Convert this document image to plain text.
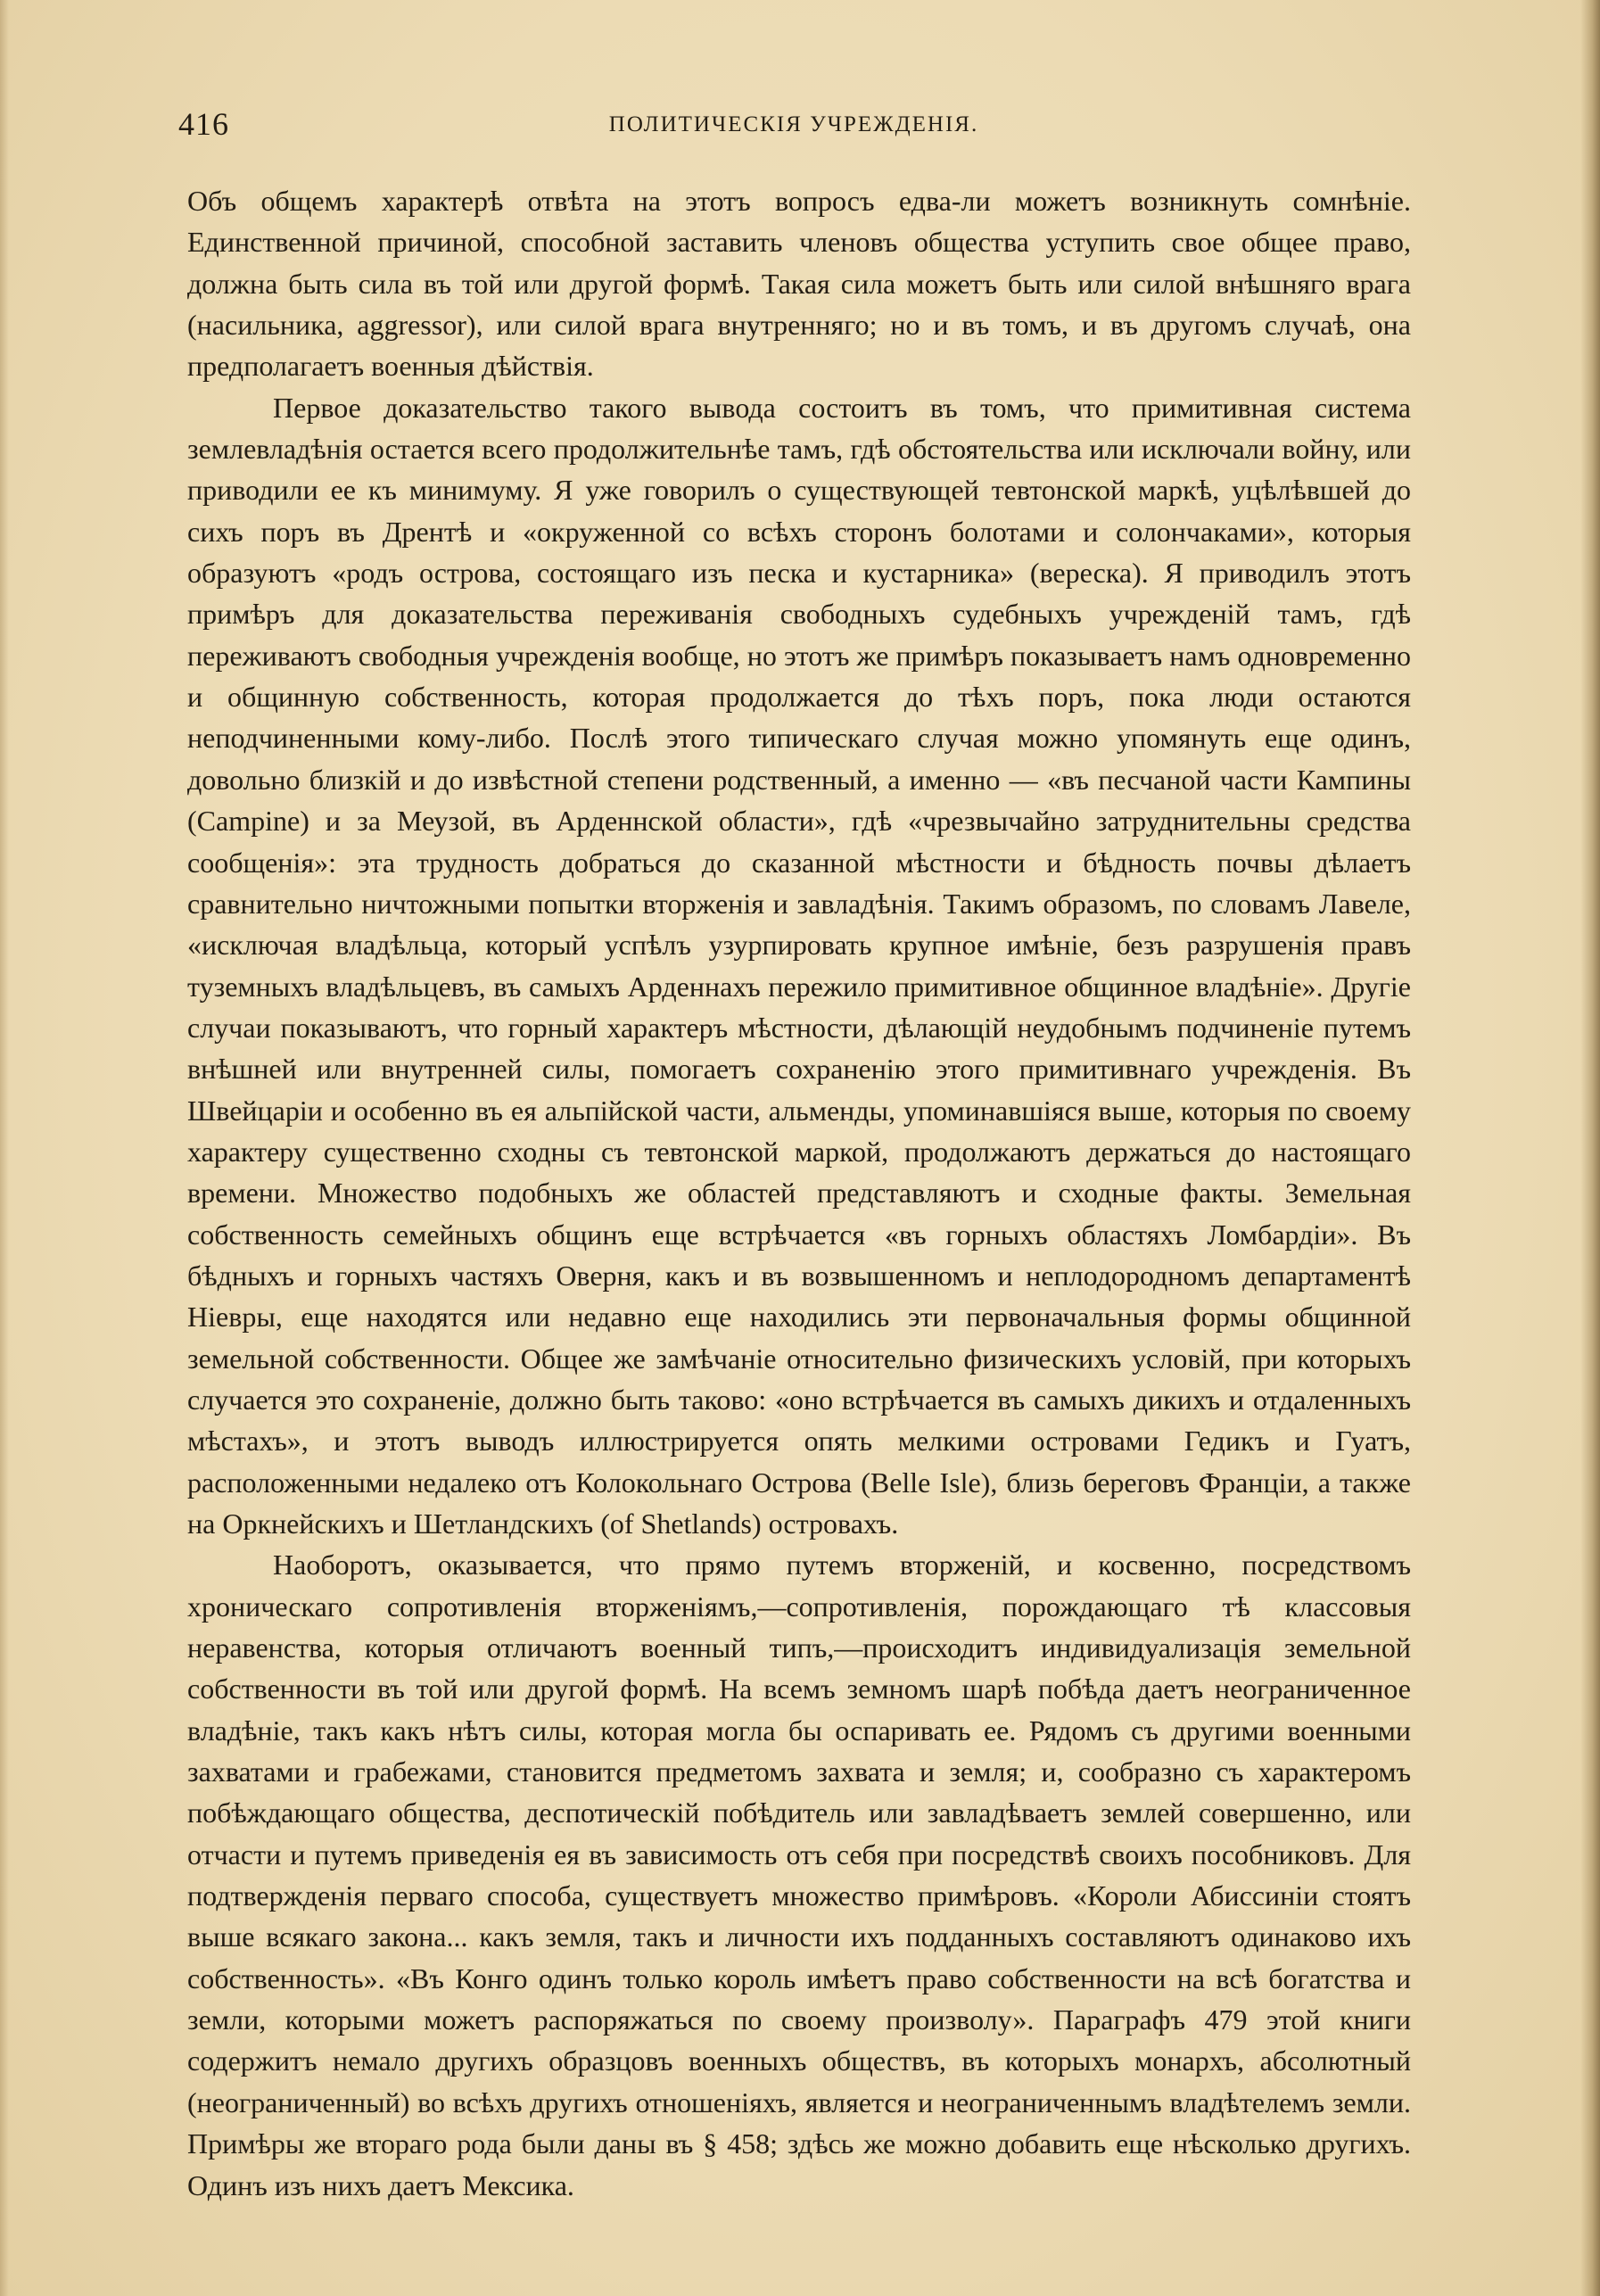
416	ПОЛИТИЧЕСКІЯ УЧРЕЖДЕНІЯ.

Объ общемъ характерѣ отвѣта на этотъ вопросъ едва-ли можетъ возникнуть сомнѣніе. Единственной причиной, способной заставить членовъ общества уступить свое общее право, должна быть сила въ той или другой формѣ. Такая сила можетъ быть или силой внѣшняго врага (насильника, aggressor), или силой врага внутренняго; но и въ томъ, и въ другомъ случаѣ, она предполагаетъ военныя дѣйствія.

Первое доказательство такого вывода состоитъ въ томъ, что примитивная система землевладѣнія остается всего продолжительнѣе тамъ, гдѣ обстоятельства или исключали войну, или приводили ее къ минимуму. Я уже говорилъ о существующей тевтонской маркѣ, уцѣлѣвшей до сихъ поръ въ Дрентѣ и «окруженной со всѣхъ сторонъ болотами и солончаками», которыя образуютъ «родъ острова, состоящаго изъ песка и кустарника» (вереска). Я приводилъ этотъ примѣръ для доказательства переживанія свободныхъ судебныхъ учрежденій тамъ, гдѣ переживаютъ свободныя учрежденія вообще, но этотъ же примѣръ показываетъ намъ одновременно и общинную собственность, которая продолжается до тѣхъ поръ, пока люди остаются неподчиненными кому-либо. Послѣ этого типическаго случая можно упомянуть еще одинъ, довольно близкій и до извѣстной степени родственный, а именно — «въ песчаной части Кампины (Campine) и за Меузой, въ Арденнской области», гдѣ «чрезвычайно затруднительны средства сообщенія»: эта трудность добраться до сказанной мѣстности и бѣдность почвы дѣлаетъ сравнительно ничтожными попытки вторженія и завладѣнія. Такимъ образомъ, по словамъ Лавеле, «исключая владѣльца, который успѣлъ узурпировать крупное имѣніе, безъ разрушенія правъ туземныхъ владѣльцевъ, въ самыхъ Арденнахъ пережило примитивное общинное владѣніе». Другіе случаи показываютъ, что горный характеръ мѣстности, дѣлающій неудобнымъ подчиненіе путемъ внѣшней или внутренней силы, помогаетъ сохраненію этого примитивнаго учрежденія. Въ Швейцаріи и особенно въ ея альпійской части, альменды, упоминавшіяся выше, которыя по своему характеру существенно сходны съ тевтонской маркой, продолжаютъ держаться до настоящаго времени. Множество подобныхъ же областей представляютъ и сходные факты. Земельная собственность семейныхъ общинъ еще встрѣчается «въ горныхъ областяхъ Ломбардіи». Въ бѣдныхъ и горныхъ частяхъ Оверня, какъ и въ возвышенномъ и неплодородномъ департаментѣ Ніевры, еще находятся или недавно еще находились эти первоначальныя формы общинной земельной собственности. Общее же замѣчаніе относительно физическихъ условій, при которыхъ случается это сохраненіе, должно быть таково: «оно встрѣчается въ самыхъ дикихъ и отдаленныхъ мѣстахъ», и этотъ выводъ иллюстрируется опять мелкими островами Гедикъ и Гуатъ, расположенными недалеко отъ Колокольнаго Острова (Belle Isle), близь береговъ Франціи, а также на Оркнейскихъ и Шетландскихъ (of Shetlands) островахъ.

Наоборотъ, оказывается, что прямо путемъ вторженій, и косвенно, посредствомъ хроническаго сопротивленія вторженіямъ,—сопротивленія, порождающаго тѣ классовыя неравенства, которыя отличаютъ военный типъ,—происходитъ индивидуализація земельной собственности въ той или другой формѣ. На всемъ земномъ шарѣ побѣда даетъ неограниченное владѣніе, такъ какъ нѣтъ силы, которая могла бы оспаривать ее. Рядомъ съ другими военными захватами и грабежами, становится предметомъ захвата и земля; и, сообразно съ характеромъ побѣждающаго общества, деспотическій побѣдитель или завладѣваетъ землей совершенно, или отчасти и путемъ приведенія ея въ зависимость отъ себя при посредствѣ своихъ пособниковъ. Для подтвержденія перваго способа, существуетъ множество примѣровъ. «Короли Абиссиніи стоятъ выше всякаго закона... какъ земля, такъ и личности ихъ подданныхъ составляютъ одинаково ихъ собственность». «Въ Конго одинъ только король имѣетъ право собственности на всѣ богатства и земли, которыми можетъ распоряжаться по своему произволу». Параграфъ 479 этой книги содержитъ немало другихъ образцовъ военныхъ обществъ, въ которыхъ монархъ, абсолютный (неограниченный) во всѣхъ другихъ отношеніяхъ, является и неограниченнымъ владѣтелемъ земли. Примѣры же втораго рода были даны въ § 458; здѣсь же можно добавить еще нѣсколько другихъ. Одинъ изъ нихъ даетъ Мексика.
